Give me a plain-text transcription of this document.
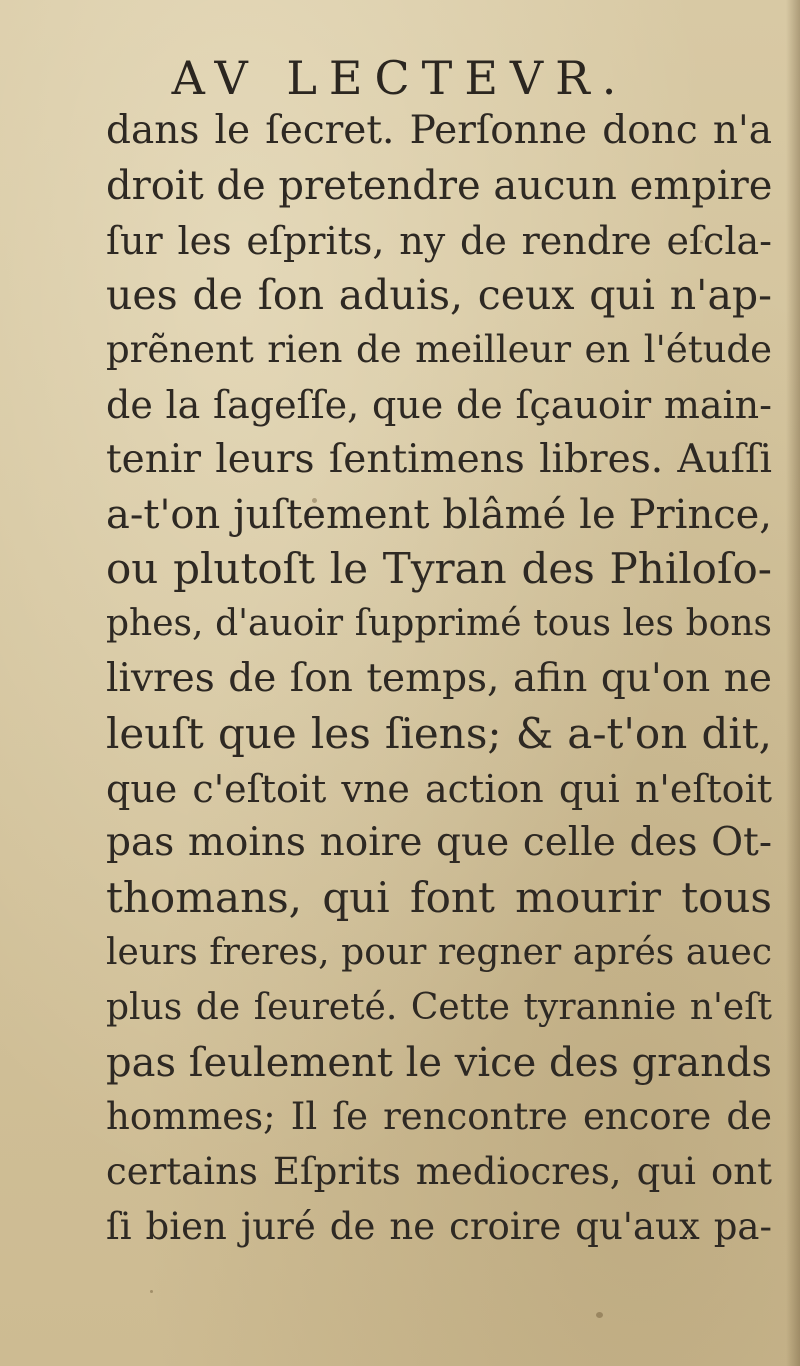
AV LECTEVR.
dans le ſecret. Perſonne donc n'a
droit de pretendre aucun empire
ſur les eſprits, ny de rendre eſcla-
ues de ſon aduis, ceux qui n'ap-
prẽnent rien de meilleur en l'étude
de la ſageſſe, que de ſçauoir main-
tenir leurs ſentimens libres. Auſſi
a-t'on juſtement blâmé le Prince,
ou plutoſt le Tyran des Philoſo-
phes, d'auoir ſupprimé tous les bons
livres de ſon temps, afin qu'on ne
leuſt que les ſiens; & a-t'on dit,
que c'eſtoit vne action qui n'eſtoit
pas moins noire que celle des Ot-
thomans, qui font mourir tous
leurs freres, pour regner aprés auec
plus de ſeureté. Cette tyrannie n'eſt
pas ſeulement le vice des grands
hommes; Il ſe rencontre encore de
certains Eſprits mediocres, qui ont
ſi bien juré de ne croire qu'aux pa-
